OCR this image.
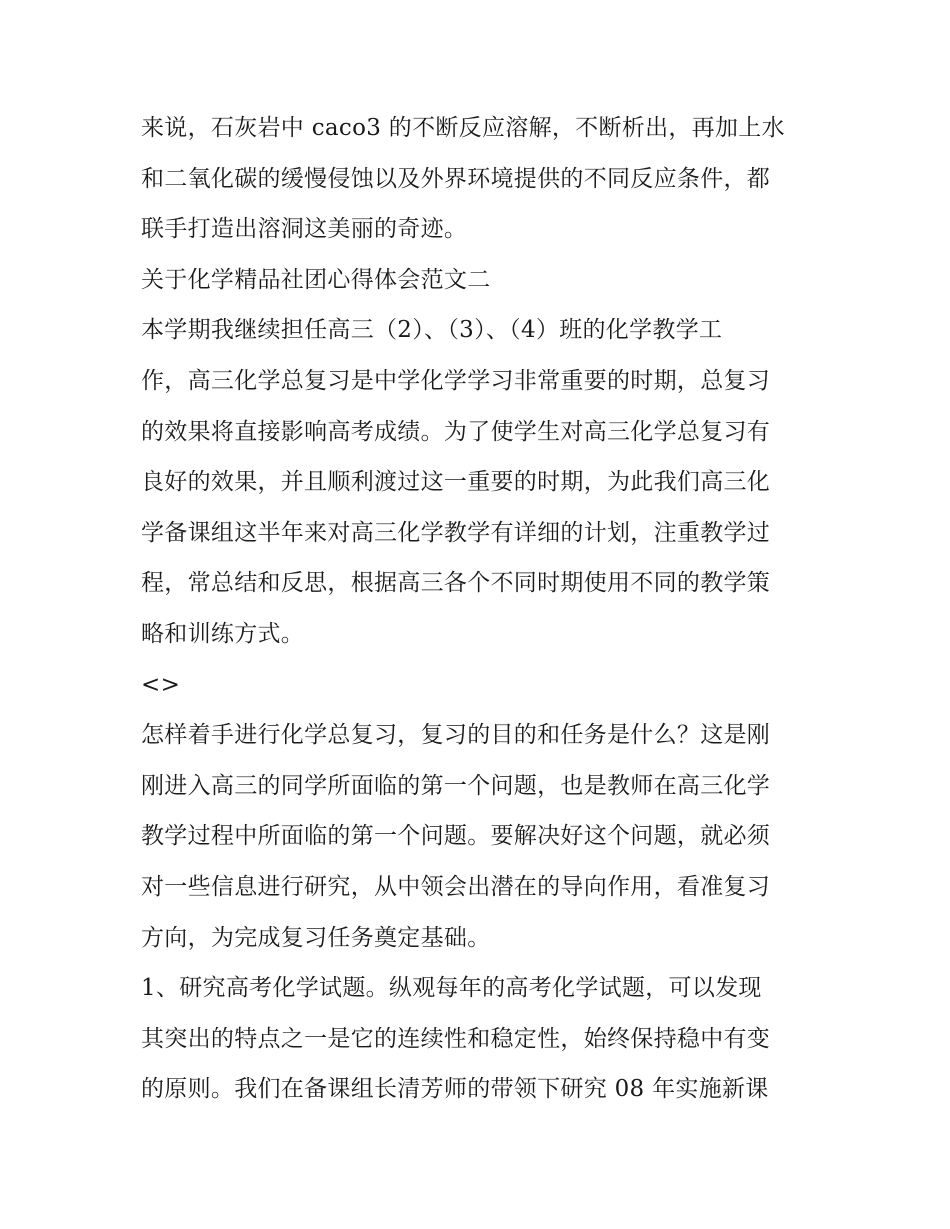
来说，石灰岩中 caco3 的不断反应溶解，不断析出，再加上水
和二氧化碳的缓慢侵蚀以及外界环境提供的不同反应条件，都
联手打造出溶洞这美丽的奇迹。
关于化学精品社团心得体会范文二
本学期我继续担任高三（2）、（3）、（4）班的化学教学工
作，高三化学总复习是中学化学学习非常重要的时期，总复习
的效果将直接影响高考成绩。为了使学生对高三化学总复习有
良好的效果，并且顺利渡过这一重要的时期，为此我们高三化
学备课组这半年来对高三化学教学有详细的计划，注重教学过
程，常总结和反思，根据高三各个不同时期使用不同的教学策
略和训练方式。
<>
怎样着手进行化学总复习，复习的目的和任务是什么？这是刚
刚进入高三的同学所面临的第一个问题，也是教师在高三化学
教学过程中所面临的第一个问题。要解决好这个问题，就必须
对一些信息进行研究，从中领会出潜在的导向作用，看准复习
方向，为完成复习任务奠定基础。
1、研究高考化学试题。纵观每年的高考化学试题，可以发现
其突出的特点之一是它的连续性和稳定性，始终保持稳中有变
的原则。我们在备课组长清芳师的带领下研究 08 年实施新课
